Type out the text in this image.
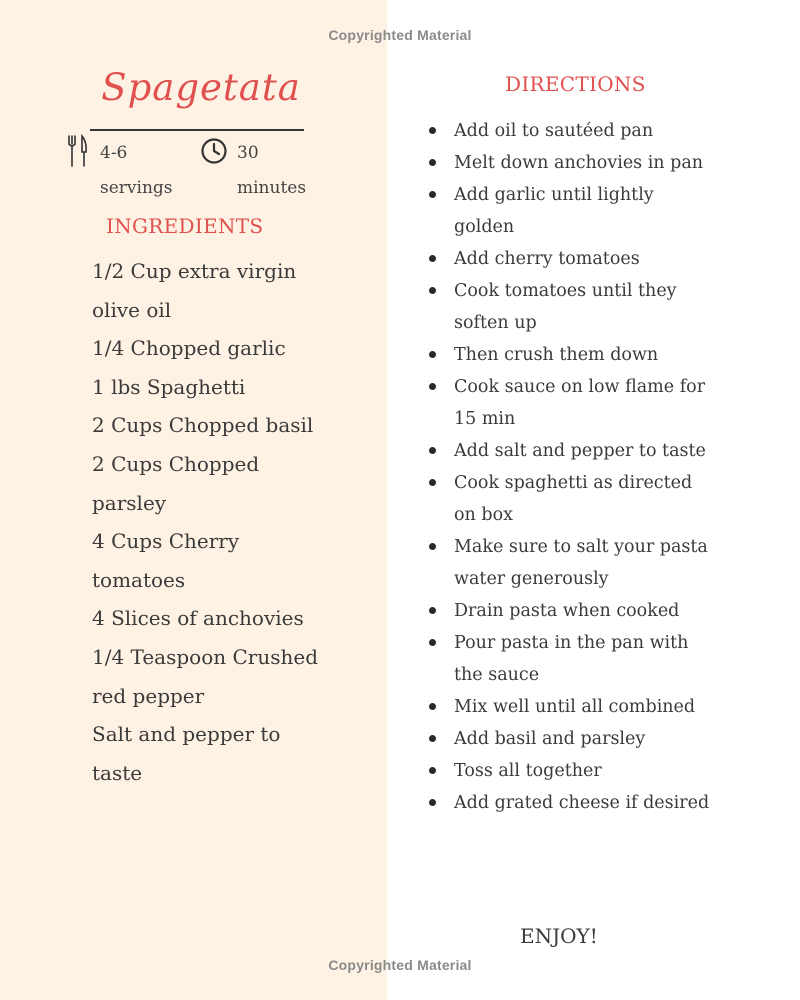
Copyrighted Material
Spagetata
4-6
servings
30
minutes
INGREDIENTS
1/2 Cup extra virgin olive oil
1/4 Chopped garlic
1 lbs Spaghetti
2 Cups Chopped basil
2 Cups Chopped parsley
4 Cups Cherry tomatoes
4 Slices of anchovies
1/4 Teaspoon Crushed red pepper
Salt and pepper to taste
DIRECTIONS
Add oil to sautéed pan
Melt down anchovies in pan
Add garlic until lightly golden
Add cherry tomatoes
Cook tomatoes until they soften up
Then crush them down
Cook sauce on low flame for 15 min
Add salt and pepper to taste
Cook spaghetti as directed on box
Make sure to salt your pasta water generously
Drain pasta when cooked
Pour pasta in the pan with the sauce
Mix well until all combined
Add basil and parsley
Toss all together
Add grated cheese if desired
ENJOY!
Copyrighted Material
